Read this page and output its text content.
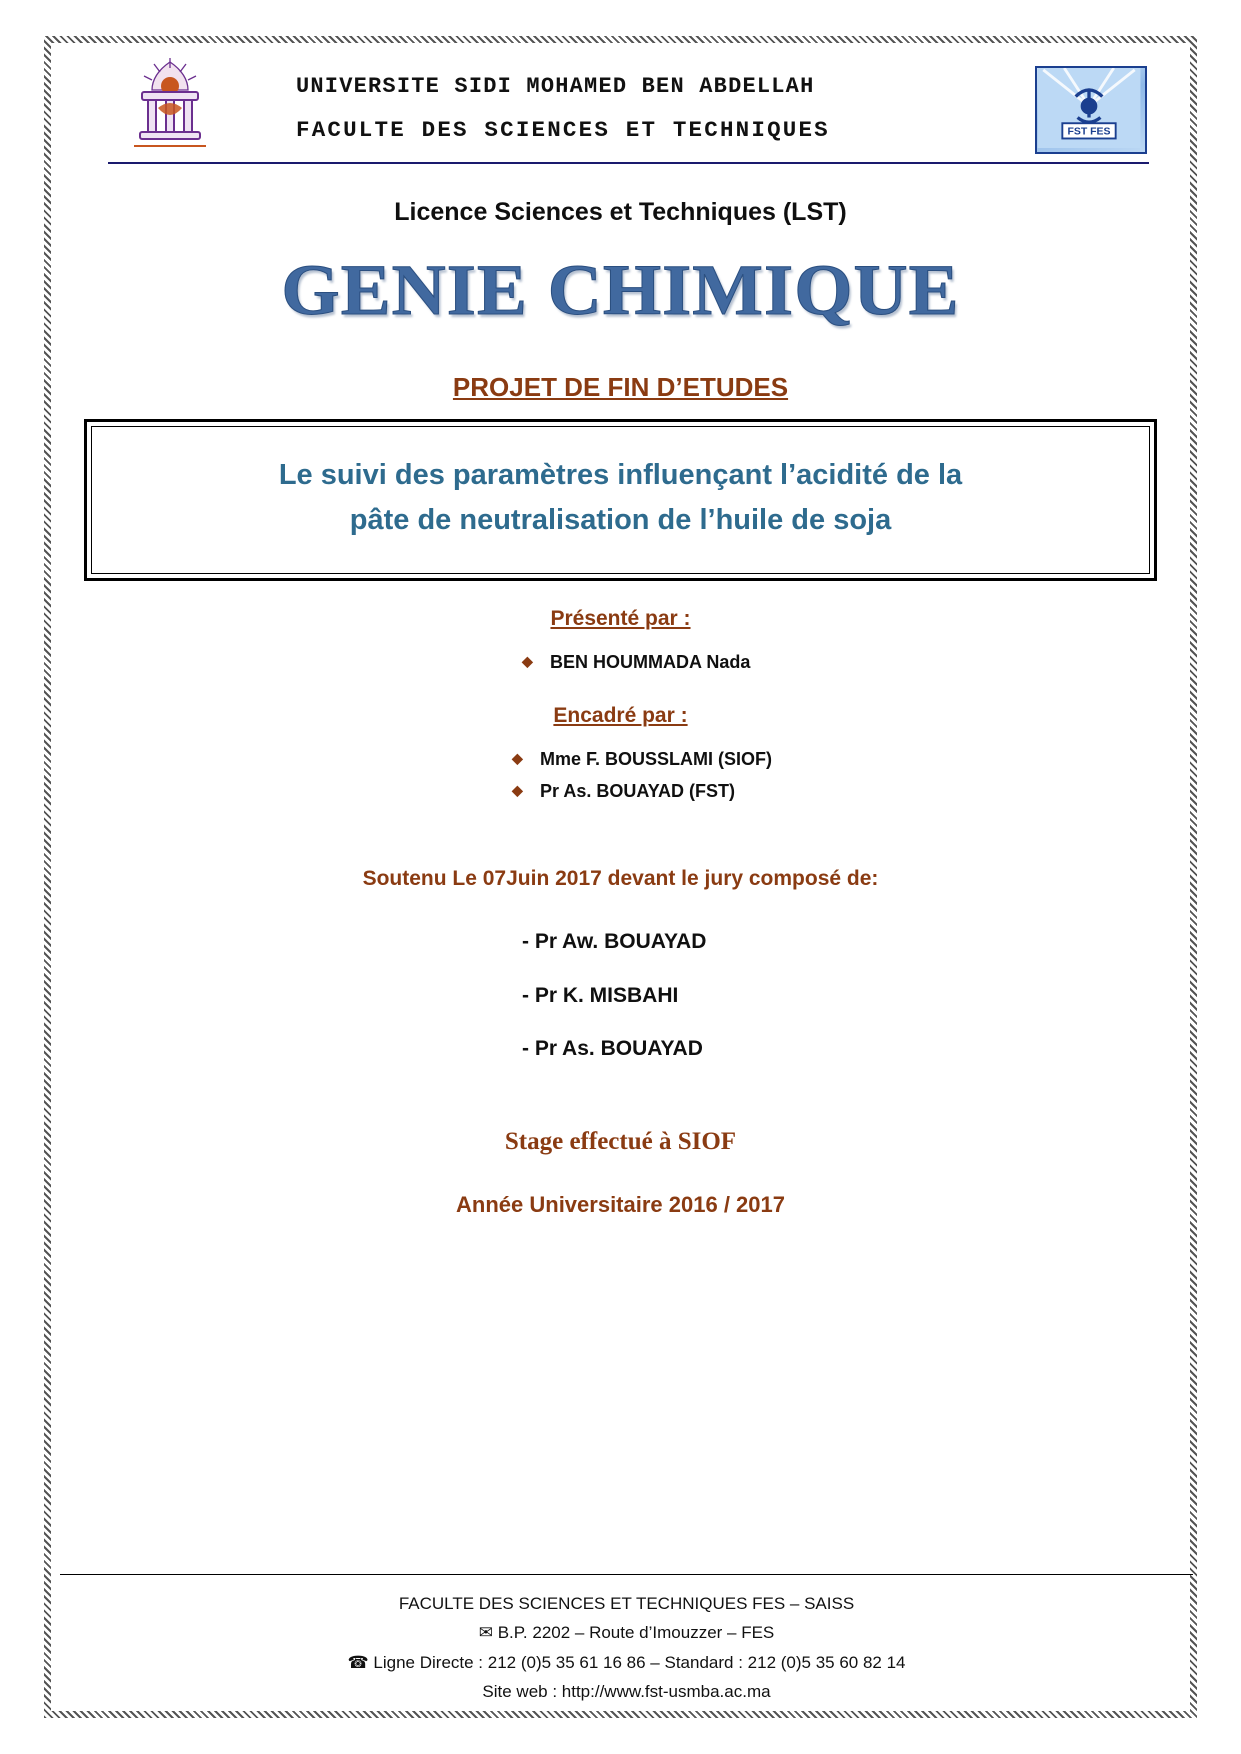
UNIVERSITE SIDI MOHAMED BEN ABDELLAH
FACULTE DES SCIENCES ET TECHNIQUES	FST FES
Licence Sciences et Techniques (LST)
GENIE CHIMIQUE
PROJET DE FIN D’ETUDES
Le suivi des paramètres influençant l’acidité de la
pâte de neutralisation de l’huile de soja
Présenté par :
◆ BEN HOUMMADA Nada
Encadré par :
◆ Mme F. BOUSSLAMI (SIOF)
◆ Pr As. BOUAYAD (FST)
Soutenu Le 07Juin 2017 devant le jury composé de:
- Pr Aw. BOUAYAD
- Pr K. MISBAHI
- Pr As. BOUAYAD
Stage effectué à SIOF
Année Universitaire 2016 / 2017
FACULTE DES SCIENCES ET TECHNIQUES FES – SAISS
✉ B.P. 2202 – Route d’Imouzzer – FES
☎ Ligne Directe : 212 (0)5 35 61 16 86 – Standard : 212 (0)5 35 60 82 14
Site web : http://www.fst-usmba.ac.ma
